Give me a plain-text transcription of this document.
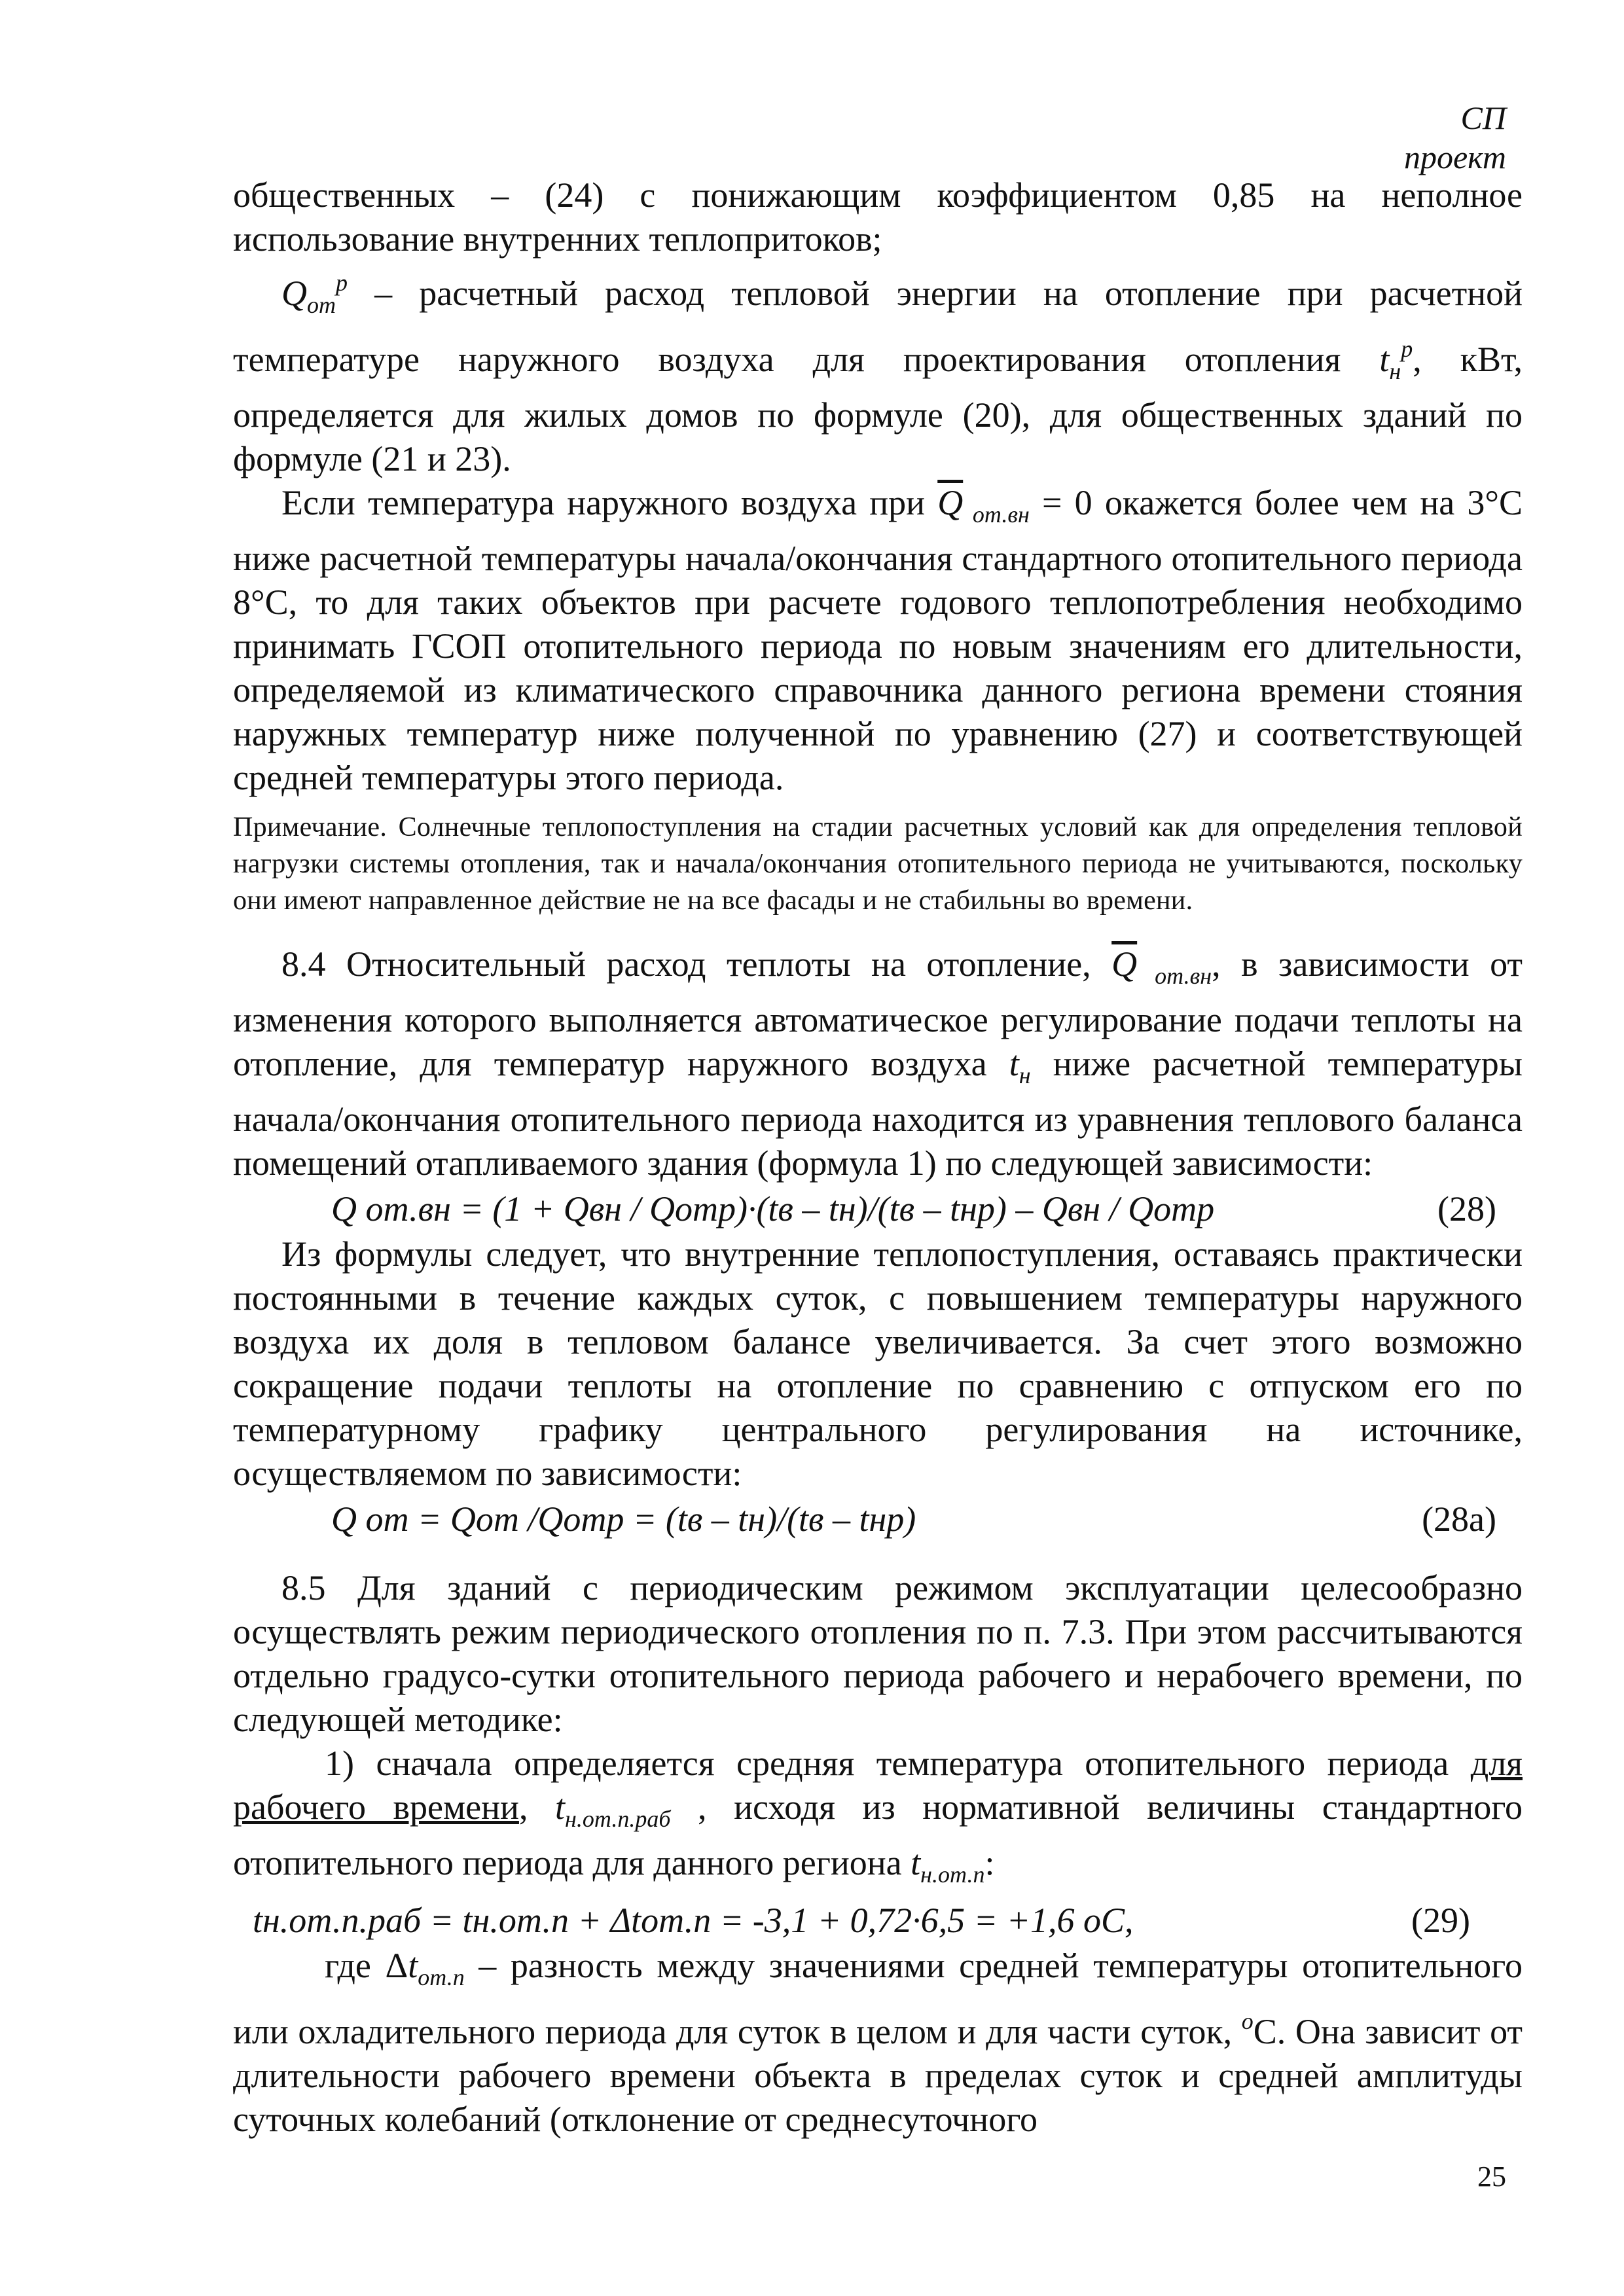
СП
проект

общественных – (24) с понижающим коэффициентом 0,85 на неполное использование внутренних теплопритоков;

$Q_{от}^р$ – расчетный расход тепловой энергии на отопление при расчетной температуре наружного воздуха для проектирования отопления $t_н^р$, кВт, определяется для жилых домов по формуле (20), для общественных зданий по формуле (21 и 23).

Если температура наружного воздуха при $\overline{Q}$ $_{от.вн}$ = 0 окажется более чем на 3°С ниже расчетной температуры начала/окончания стандартного отопительного периода 8°С, то для таких объектов при расчете годового теплопотребления необходимо принимать ГСОП отопительного периода по новым значениям его длительности, определяемой из климатического справочника данного региона времени стояния наружных температур ниже полученной по уравнению (27) и соответствующей средней температуры этого периода.

Примечание. Солнечные теплопоступления на стадии расчетных условий как для определения тепловой нагрузки системы отопления, так и начала/окончания отопительного периода не учитываются, поскольку они имеют направленное действие не на все фасады и не стабильны во времени.

8.4 Относительный расход теплоты на отопление, $\overline{Q}$ $_{от.вн}$, в зависимости от изменения которого выполняется автоматическое регулирование подачи теплоты на отопление, для температур наружного воздуха $t_н$ ниже расчетной температуры начала/окончания отопительного периода находится из уравнения теплового баланса помещений отапливаемого здания (формула 1) по следующей зависимости:

Q от.вн = (1 + Qвн / Qотр)·(tв – tн)/(tв – tнр) – Qвн / Qотр	(28)

Из формулы следует, что внутренние теплопоступления, оставаясь практически постоянными в течение каждых суток, с повышением температуры наружного воздуха их доля в тепловом балансе увеличивается. За счет этого возможно сокращение подачи теплоты на отопление по сравнению с отпуском его по температурному графику центрального регулирования на источнике, осуществляемом по зависимости:

Q от = Qот /Qотр = (tв – tн)/(tв – tнр)	(28а)

8.5 Для зданий с периодическим режимом эксплуатации целесообразно осуществлять режим периодического отопления по п. 7.3. При этом рассчитываются отдельно градусо-сутки отопительного периода рабочего и нерабочего времени, по следующей методике:

1) сначала определяется средняя температура отопительного периода для рабочего времени, $t_{н.от.п.раб}$ , исходя из нормативной величины стандартного отопительного периода для данного региона $t_{н.от.п}$:

tн.от.п.раб = tн.от.п + Δtот.п = -3,1 + 0,72·6,5 = +1,6 оС,	(29)

где $\Delta t_{от.п}$ – разность между значениями средней температуры отопительного или охладительного периода для суток в целом и для части суток, $^о$С. Она зависит от длительности рабочего времени объекта в пределах суток и средней амплитуды суточных колебаний (отклонение от среднесуточного

25
